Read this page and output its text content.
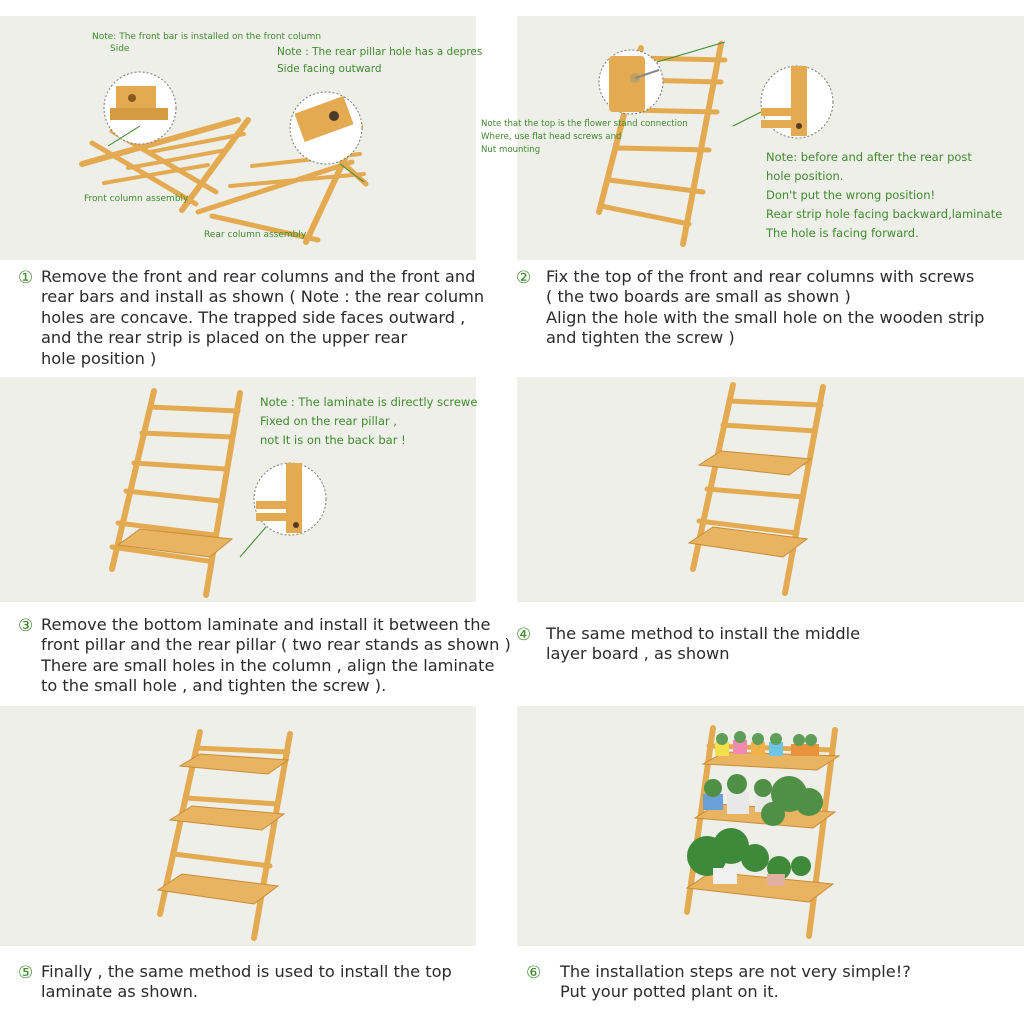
Note: The front bar is installed on the front column
Side	Note : The rear pillar hole has a depres
Side facing outward
Front column assembly
Rear column assembly
Note that the top is the flower stand connection
Where, use flat head screws and
Nut mounting	Note: before and after the rear post
hole position.
Don't put the wrong position!
Rear strip hole facing backward,laminate
The hole is facing forward.
Note : The laminate is directly screwe
Fixed on the rear pillar ,
not It is on the back bar !
① Remove the front and rear columns and the front and
rear bars and install as shown ( Note : the rear column
holes are concave. The trapped side faces outward ,
and the rear strip is placed on the upper rear
hole position )
② Fix the top of the front and rear columns with screws
( the two boards are small as shown )
Align the hole with the small hole on the wooden strip
and tighten the screw )
③ Remove the bottom laminate and install it between the
front pillar and the rear pillar ( two rear stands as shown )
There are small holes in the column , align the laminate
to the small hole , and tighten the screw ).
④ The same method to install the middle
layer board , as shown
⑤ Finally , the same method is used to install the top
laminate as shown.
⑥ The installation steps are not very simple!?
Put your potted plant on it.
